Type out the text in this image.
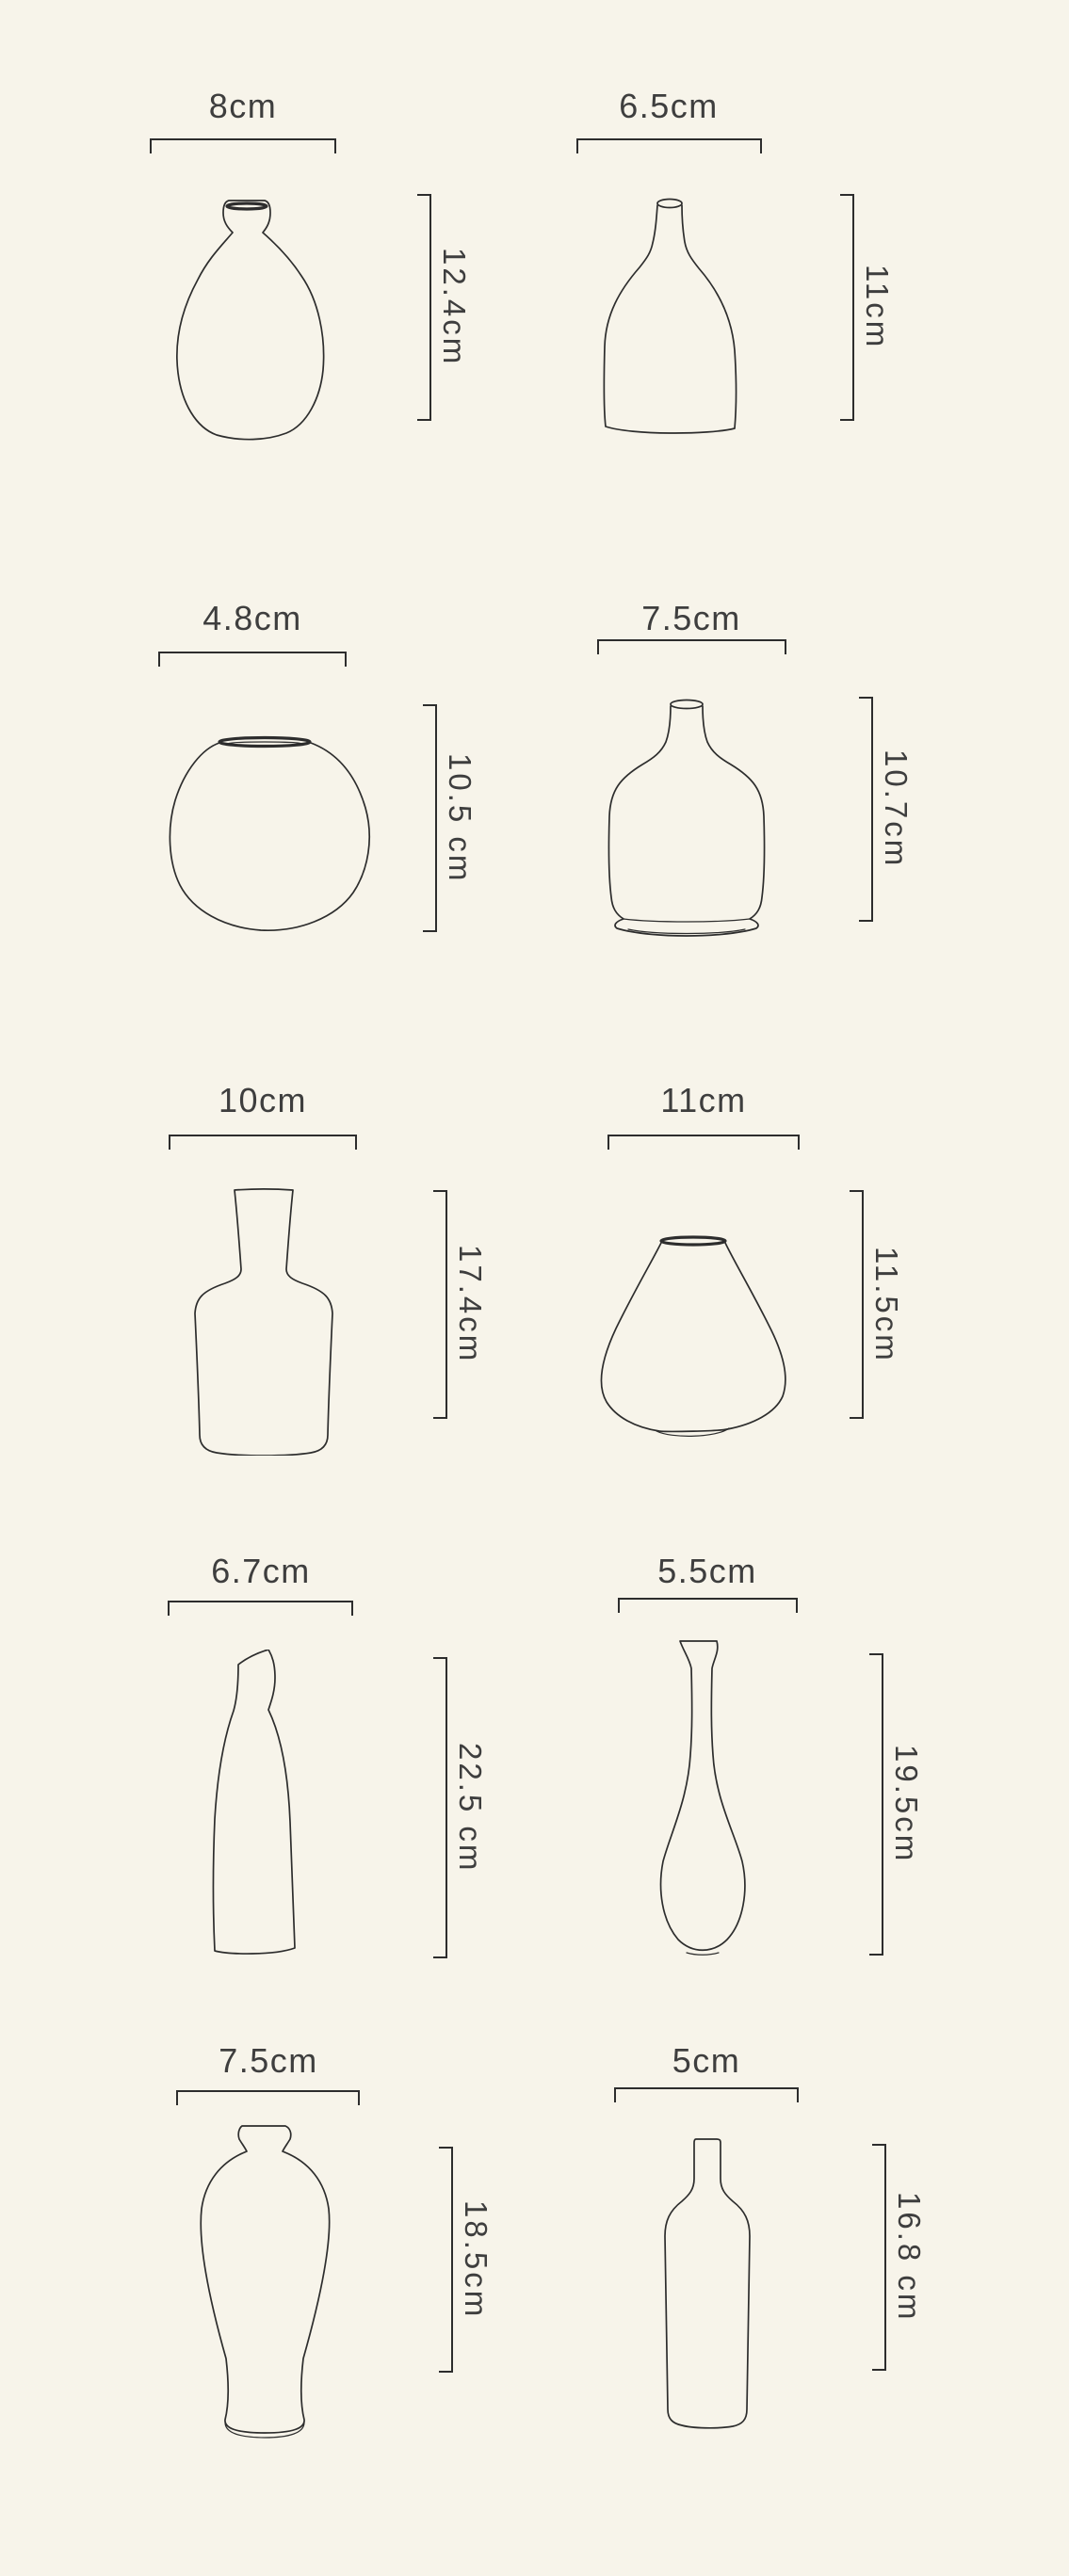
8cm
12.4cm
6.5cm
11cm
4.8cm
10.5 cm
7.5cm
10.7cm
10cm
17.4cm
11cm
11.5cm
6.7cm
22.5 cm
5.5cm
19.5cm
7.5cm
18.5cm
5cm
16.8 cm
